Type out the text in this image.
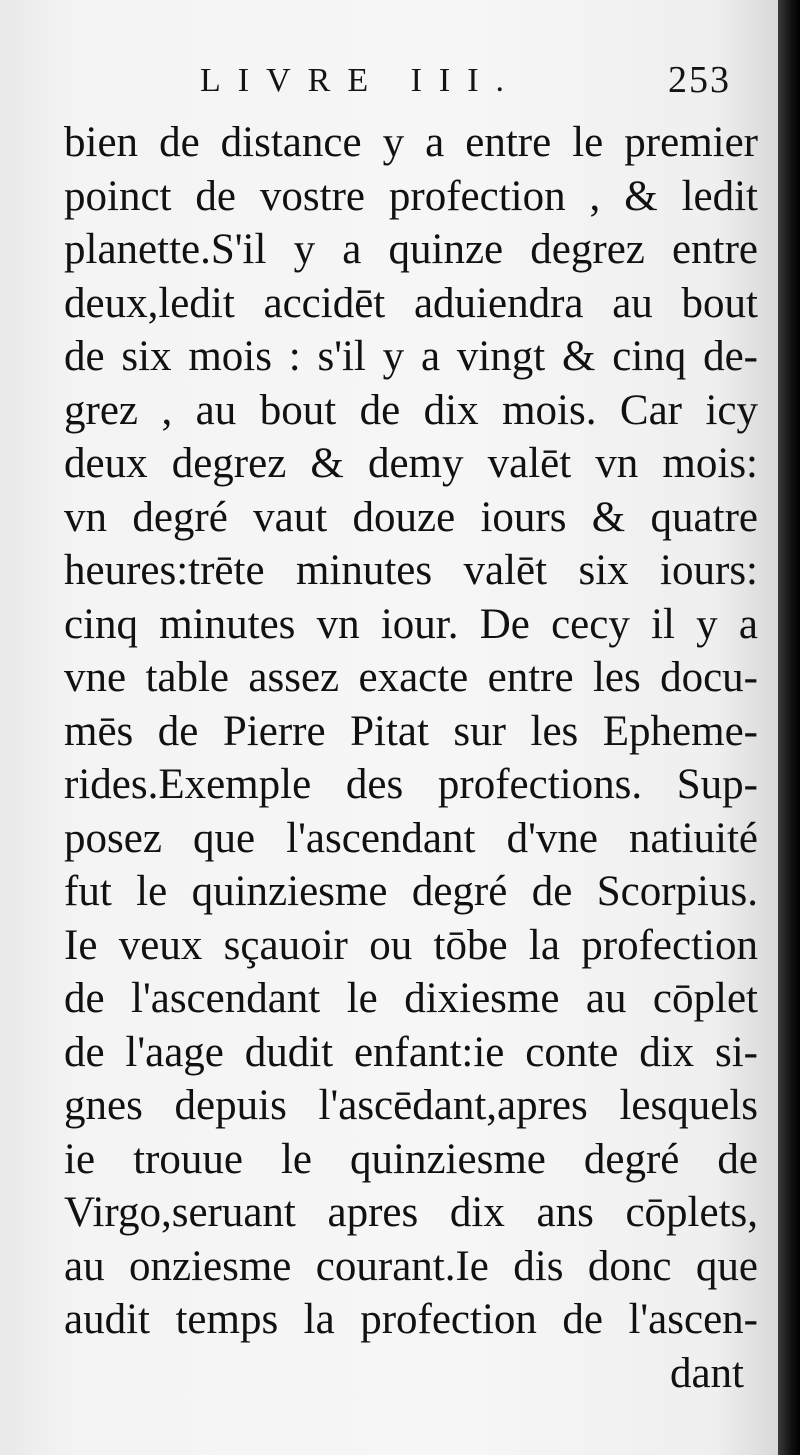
LIVRE III.	253
bien de distance y a entre le premier
poinct de vostre profection , & ledit
planette.S'il y a quinze degrez entre
deux,ledit accidēt aduiendra au bout
de six mois : s'il y a vingt & cinq de-
grez , au bout de dix mois. Car icy
deux degrez & demy valēt vn mois:
vn degré vaut douze iours & quatre
heures:trēte minutes valēt six iours:
cinq minutes vn iour. De cecy il y a
vne table assez exacte entre les docu-
mēs de Pierre Pitat sur les Epheme-
rides.Exemple des profections. Sup-
posez que l'ascendant d'vne natiuité
fut le quinziesme degré de Scorpius.
Ie veux sçauoir ou tōbe la profection
de l'ascendant le dixiesme au cōplet
de l'aage dudit enfant:ie conte dix si-
gnes depuis l'ascēdant,apres lesquels
ie trouue le quinziesme degré de
Virgo,seruant apres dix ans cōplets,
au onziesme courant.Ie dis donc que
audit temps la profection de l'ascen-
dant
